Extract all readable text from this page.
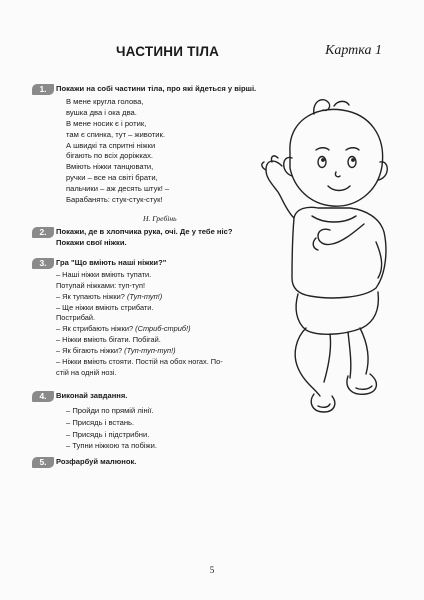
ЧАСТИНИ ТІЛА	Картка 1
1.	Покажи на собі частини тіла, про які йдеться у вірші.
В мене кругла голова,
вушка два і ока два.
В мене носик є і ротик,
там є спинка, тут – животик.
А швидкі та спритні ніжки
бігають по всіх доріжках.
Вміють ніжки танцювати,
ручки – все на світі брати,
пальчики – аж десять штук! –
Барабанять: стук-стук-стук!
Н. Гребінь
2.	Покажи, де в хлопчика рука, очі. Де у тебе ніс?
Покажи свої ніжки.
3.	Гра "Що вміють наші ніжки?"
– Наші ніжки вміють тупати.
Потупай ніжками: туп-туп!
– Як тупають ніжки? (Туп-туп!)
– Ще ніжки вміють стрибати.
Пострибай.
– Як стрибають ніжки? (Стриб-стриб!)
– Ніжки вміють бігати. Побігай.
– Як бігають ніжки? (Туп-туп-туп!)
– Ніжки вміють стояти. Постій на обох ногах. По-
стій на одній нозі.
4.	Виконай завдання.
– Пройди по прямій лінії.
– Присядь і встань.
– Присядь і підстрибни.
– Тупни ніжкою та побіжи.
5.	Розфарбуй малюнок.
5
